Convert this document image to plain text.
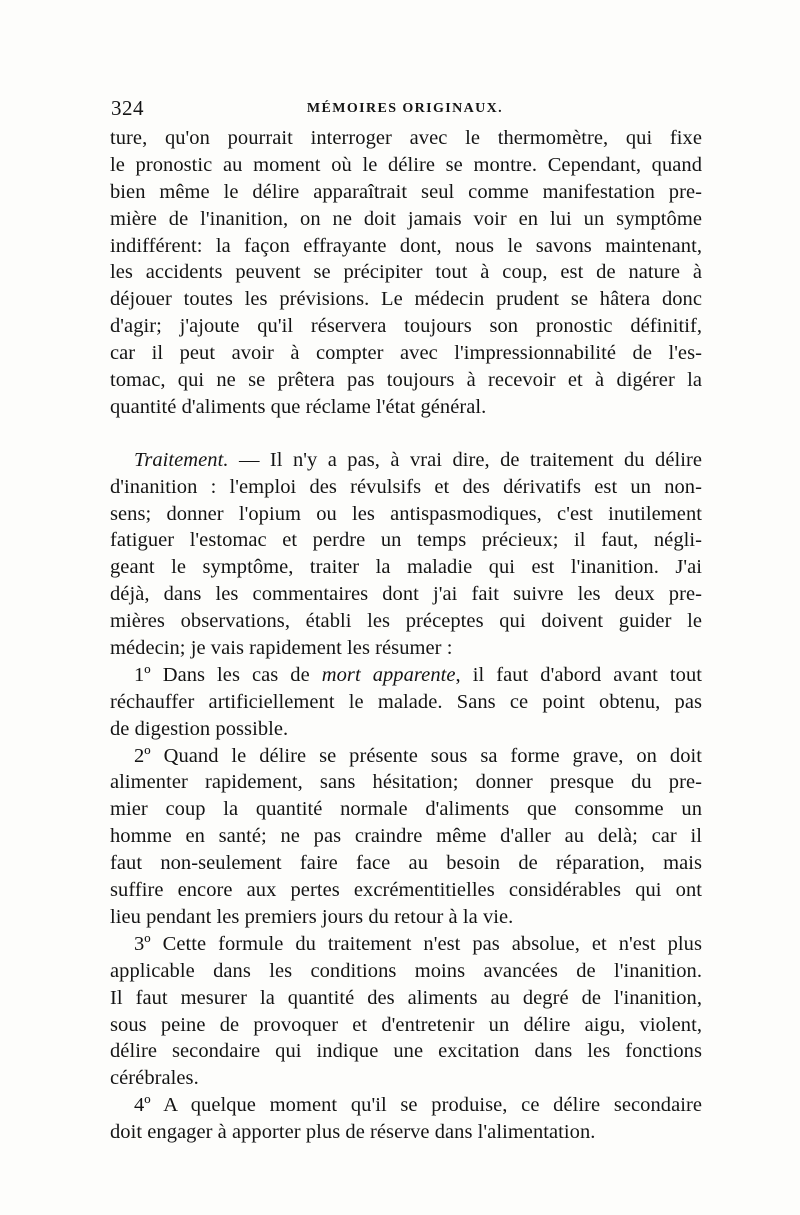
324	MÉMOIRES ORIGINAUX.
ture, qu'on pourrait interroger avec le thermomètre, qui fixe
le pronostic au moment où le délire se montre. Cependant, quand
bien même le délire apparaîtrait seul comme manifestation pre-
mière de l'inanition, on ne doit jamais voir en lui un symptôme
indifférent: la façon effrayante dont, nous le savons maintenant,
les accidents peuvent se précipiter tout à coup, est de nature à
déjouer toutes les prévisions. Le médecin prudent se hâtera donc
d'agir; j'ajoute qu'il réservera toujours son pronostic définitif,
car il peut avoir à compter avec l'impressionnabilité de l'es-
tomac, qui ne se prêtera pas toujours à recevoir et à digérer la
quantité d'aliments que réclame l'état général.
Traitement. — Il n'y a pas, à vrai dire, de traitement du délire
d'inanition : l'emploi des révulsifs et des dérivatifs est un non-
sens; donner l'opium ou les antispasmodiques, c'est inutilement
fatiguer l'estomac et perdre un temps précieux; il faut, négli-
geant le symptôme, traiter la maladie qui est l'inanition. J'ai
déjà, dans les commentaires dont j'ai fait suivre les deux pre-
mières observations, établi les préceptes qui doivent guider le
médecin; je vais rapidement les résumer :
1º Dans les cas de mort apparente, il faut d'abord avant tout
réchauffer artificiellement le malade. Sans ce point obtenu, pas
de digestion possible.
2º Quand le délire se présente sous sa forme grave, on doit
alimenter rapidement, sans hésitation; donner presque du pre-
mier coup la quantité normale d'aliments que consomme un
homme en santé; ne pas craindre même d'aller au delà; car il
faut non-seulement faire face au besoin de réparation, mais
suffire encore aux pertes excrémentitielles considérables qui ont
lieu pendant les premiers jours du retour à la vie.
3º Cette formule du traitement n'est pas absolue, et n'est plus
applicable dans les conditions moins avancées de l'inanition.
Il faut mesurer la quantité des aliments au degré de l'inanition,
sous peine de provoquer et d'entretenir un délire aigu, violent,
délire secondaire qui indique une excitation dans les fonctions
cérébrales.
4º A quelque moment qu'il se produise, ce délire secondaire
doit engager à apporter plus de réserve dans l'alimentation.
